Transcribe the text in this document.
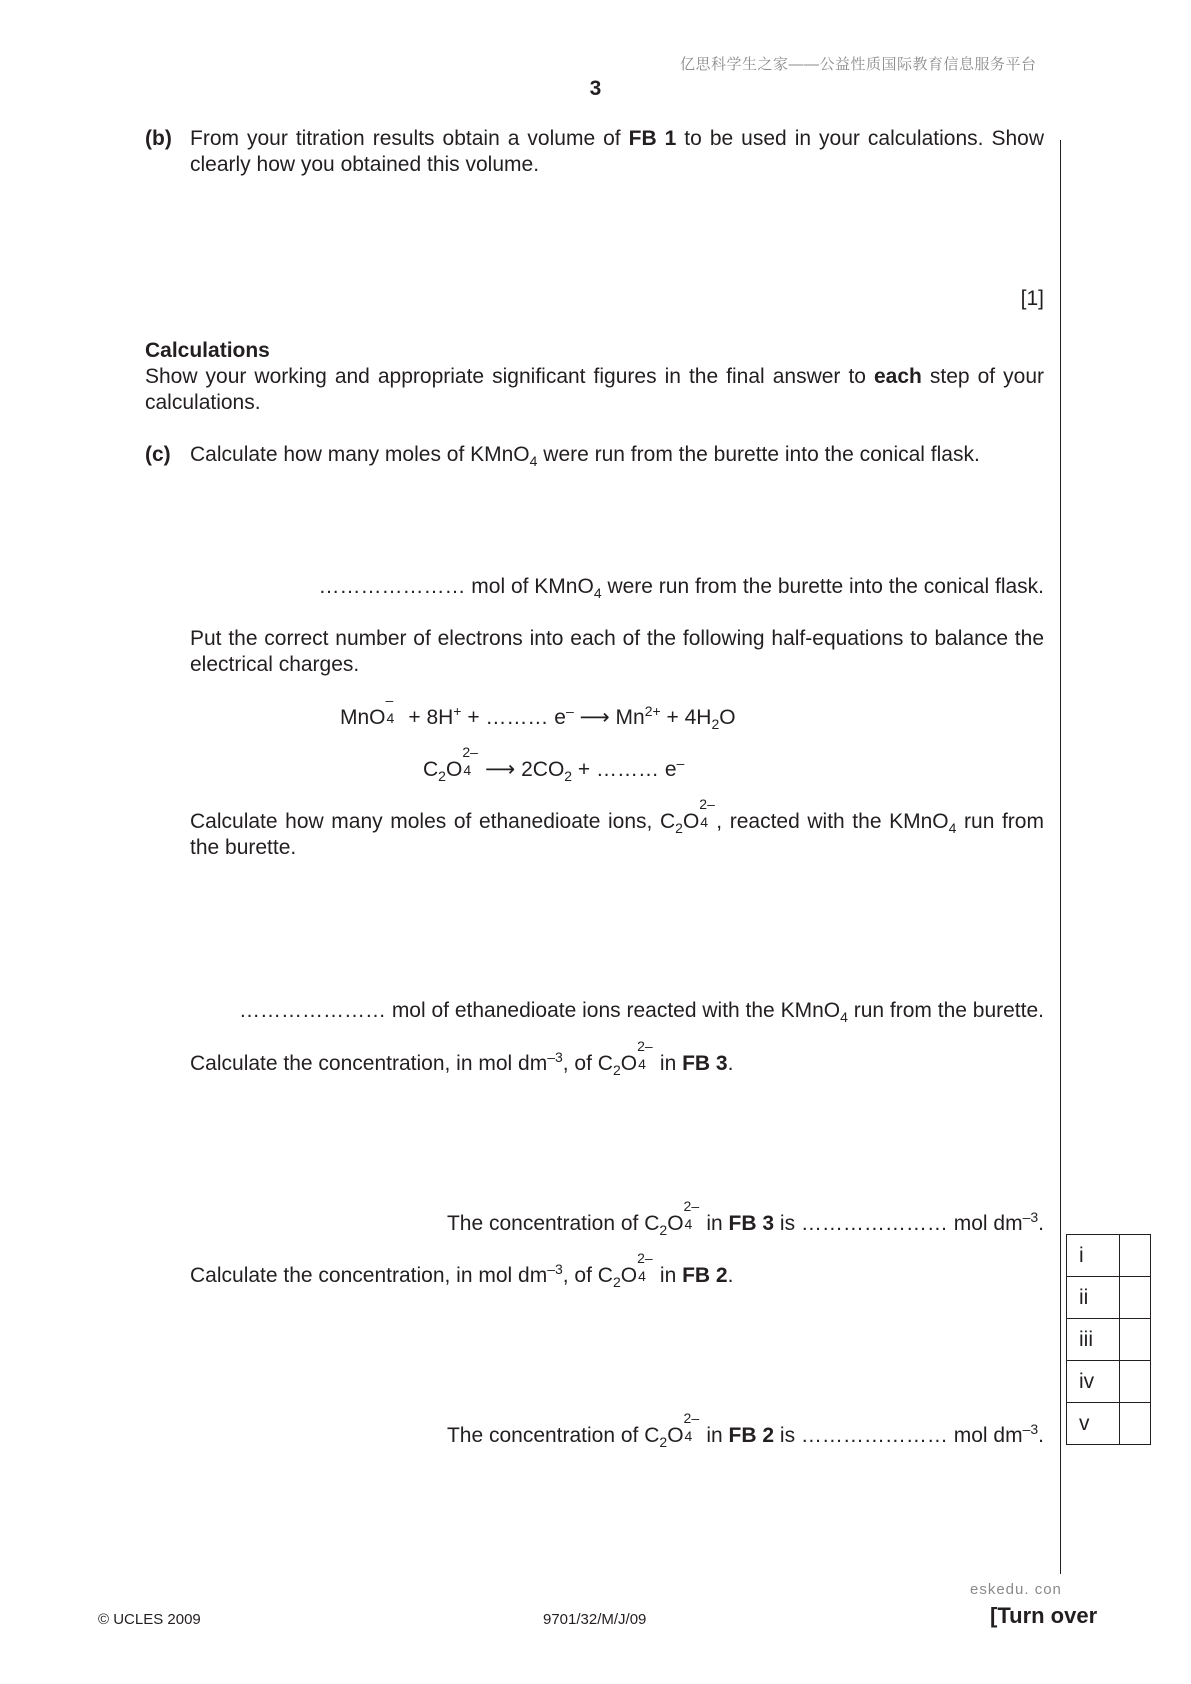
亿思科学生之家——公益性质国际教育信息服务平台
3
(b) From your titration results obtain a volume of FB 1 to be used in your calculations. Show clearly how you obtained this volume.
[1]
Calculations
Show your working and appropriate significant figures in the final answer to each step of your calculations.
(c) Calculate how many moles of KMnO$_4$ were run from the burette into the conical flask.
………………… mol of KMnO$_4$ were run from the burette into the conical flask.
Put the correct number of electrons into each of the following half-equations to balance the electrical charges.
MnO
–
4 + 8H+ + ……… e– ⟶ $Mn^{2+} + 4H_2O$
$C_2O$
2–
4 ⟶ $2CO_2$ + ……… e–
Calculate how many moles of ethanedioate ions, $C_2O$
2–
4 , reacted with the KMnO$_4$ run from the burette.
………………… mol of ethanedioate ions reacted with the KMnO$_4$ run from the burette.
Calculate the concentration, in mol $dm^{-3}$, of $C_2O$
2–
4 in FB 3.
The concentration of $C_2O$
2–
4 in FB 3 is ………………… mol $dm^{-3}$.
Calculate the concentration, in mol $dm^{-3}$, of $C_2O$
2–
4 in FB 2.
The concentration of $C_2O$
2–
4 in FB 2 is ………………… mol $dm^{-3}$.
i	
ii	
iii	
iv	
v	
© UCLES 2009	9701/32/M/J/09
eskedu. con
[Turn over
